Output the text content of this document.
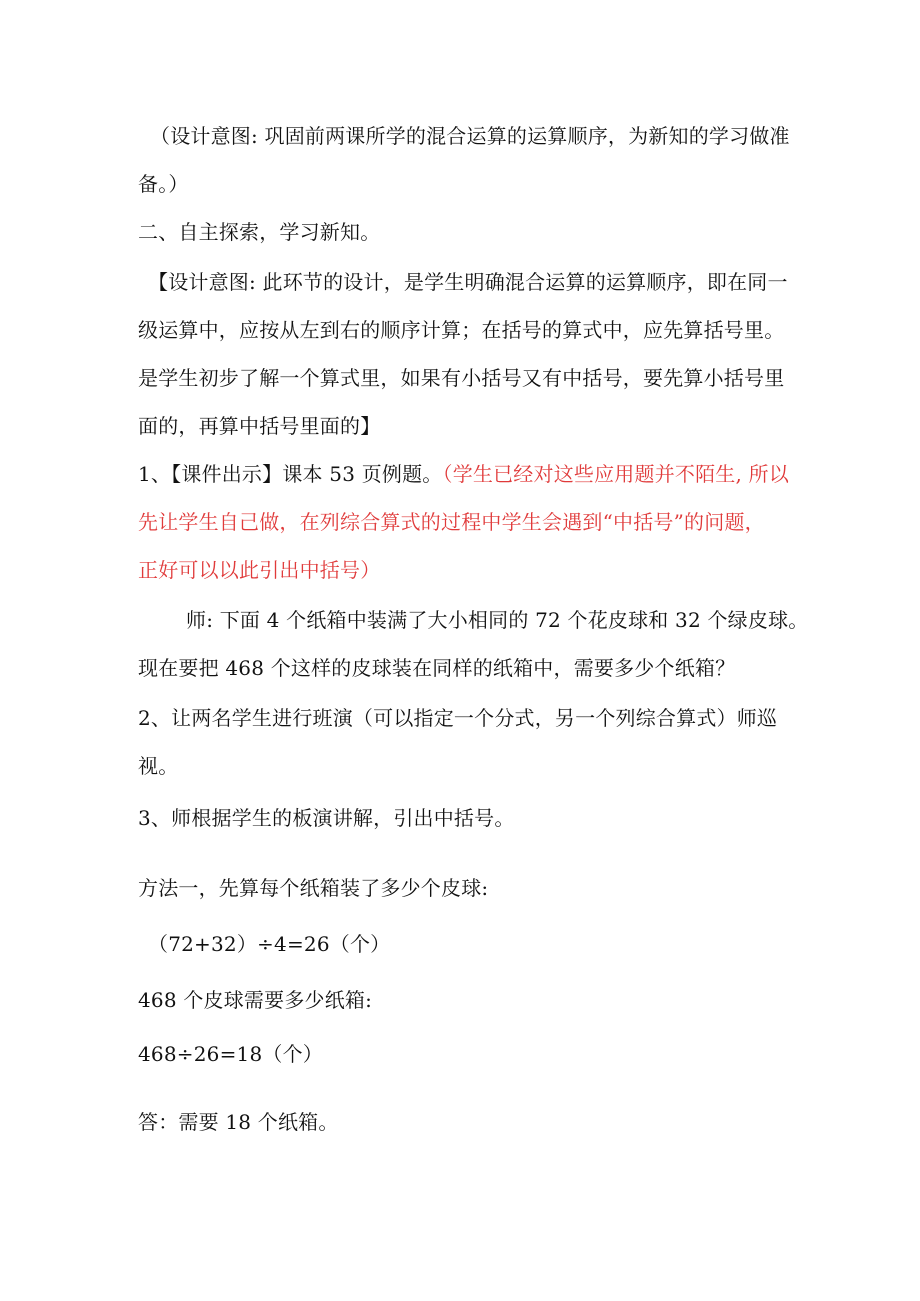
（设计意图: 巩固前两课所学的混合运算的运算顺序，为新知的学习做准
备。）
二、自主探索，学习新知。
【设计意图: 此环节的设计，是学生明确混合运算的运算顺序，即在同一
级运算中，应按从左到右的顺序计算；在括号的算式中，应先算括号里。
是学生初步了解一个算式里，如果有小括号又有中括号，要先算小括号里
面的，再算中括号里面的】
1、【课件出示】课本 53 页例题。（学生已经对这些应用题并不陌生, 所以
先让学生自己做，在列综合算式的过程中学生会遇到“中括号”的问题，
正好可以以此引出中括号）
师: 下面 4 个纸箱中装满了大小相同的 72 个花皮球和 32 个绿皮球。
现在要把 468 个这样的皮球装在同样的纸箱中，需要多少个纸箱？
2、让两名学生进行班演（可以指定一个分式，另一个列综合算式）师巡
视。
3、师根据学生的板演讲解，引出中括号。
方法一，先算每个纸箱装了多少个皮球:
（72+32）÷4=26（个）
468 个皮球需要多少纸箱:
468÷26=18（个）
答：需要 18 个纸箱。
